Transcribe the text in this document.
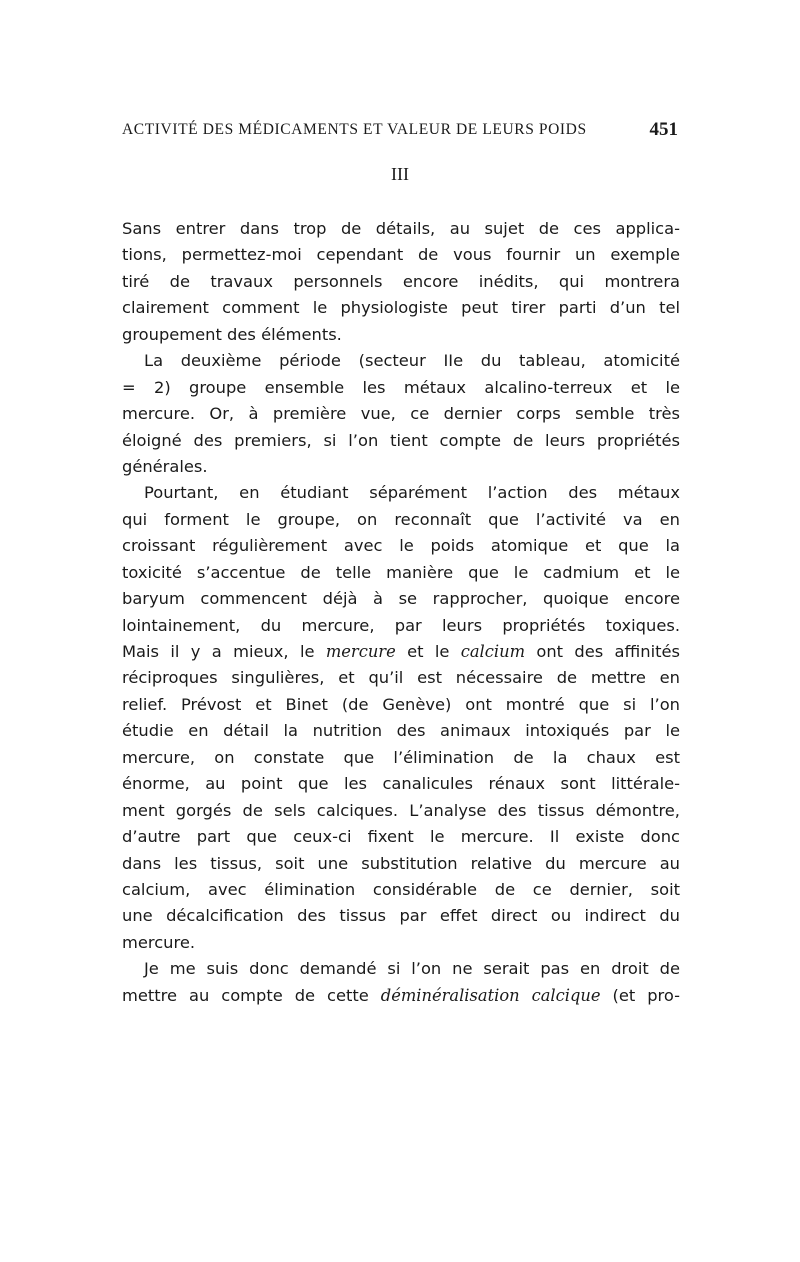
ACTIVITÉ DES MÉDICAMENTS ET VALEUR DE LEURS POIDS	451
III
Sans entrer dans trop de détails, au sujet de ces applica-
tions, permettez-moi cependant de vous fournir un exemple
tiré de travaux personnels encore inédits, qui montrera
clairement comment le physiologiste peut tirer parti d’un tel
groupement des éléments.
La deuxième période (secteur IIe du tableau, atomicité
= 2) groupe ensemble les métaux alcalino-terreux et le
mercure. Or, à première vue, ce dernier corps semble très
éloigné des premiers, si l’on tient compte de leurs propriétés
générales.
Pourtant, en étudiant séparément l’action des métaux
qui forment le groupe, on reconnaît que l’activité va en
croissant régulièrement avec le poids atomique et que la
toxicité s’accentue de telle manière que le cadmium et le
baryum commencent déjà à se rapprocher, quoique encore
lointainement, du mercure, par leurs propriétés toxiques.
Mais il y a mieux, le mercure et le calcium ont des affinités
réciproques singulières, et qu’il est nécessaire de mettre en
relief. Prévost et Binet (de Genève) ont montré que si l’on
étudie en détail la nutrition des animaux intoxiqués par le
mercure, on constate que l’élimination de la chaux est
énorme, au point que les canalicules rénaux sont littérale-
ment gorgés de sels calciques. L’analyse des tissus démontre,
d’autre part que ceux-ci fixent le mercure. Il existe donc
dans les tissus, soit une substitution relative du mercure au
calcium, avec élimination considérable de ce dernier, soit
une décalcification des tissus par effet direct ou indirect du
mercure.
Je me suis donc demandé si l’on ne serait pas en droit de
mettre au compte de cette déminéralisation calcique (et pro-
